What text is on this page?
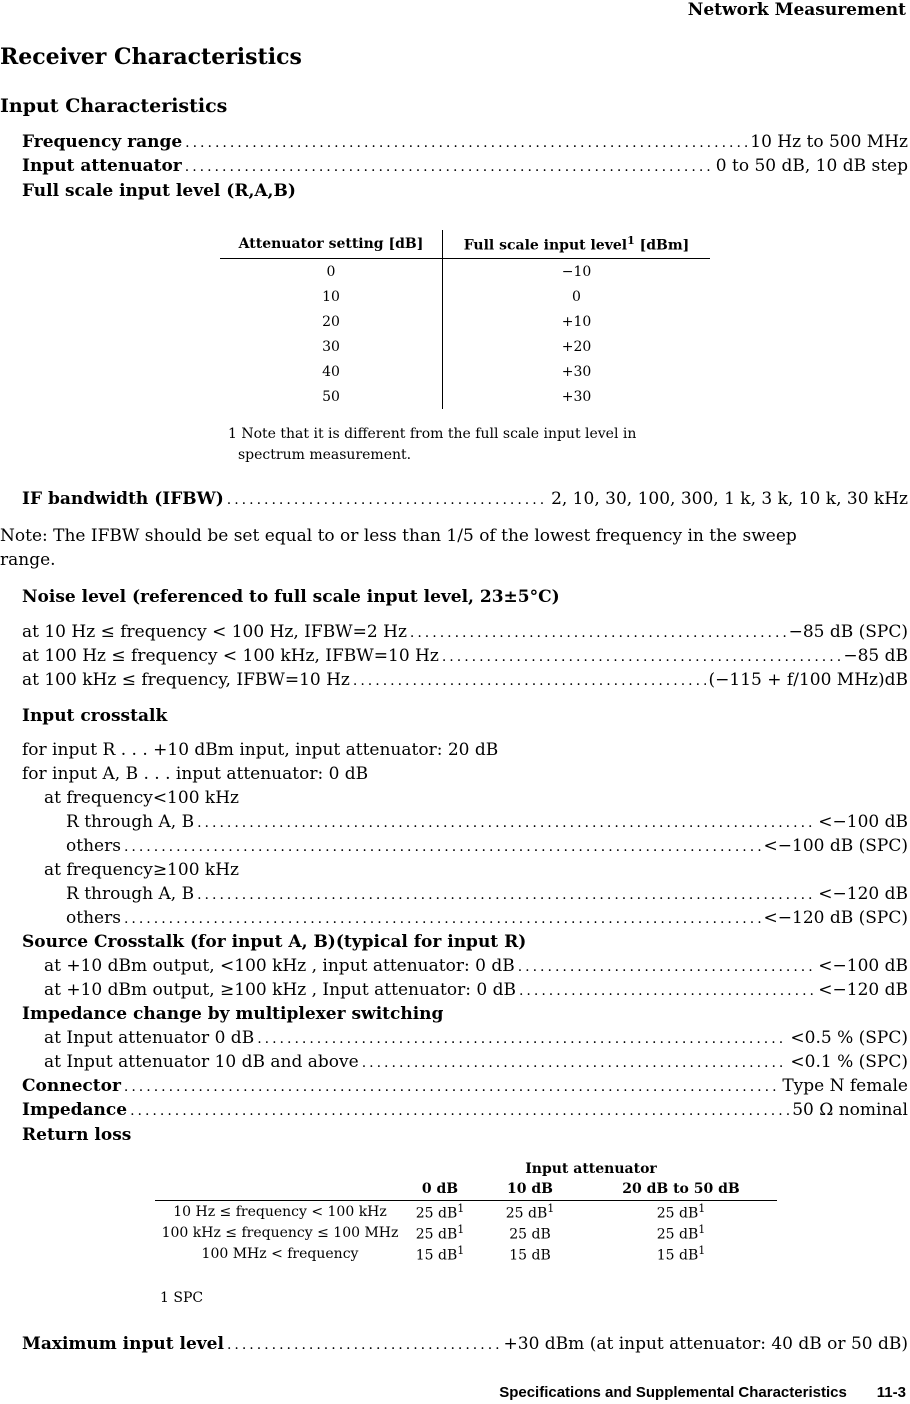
Network Measurement
Receiver Characteristics
Input Characteristics
Frequency range .....	10 Hz to 500 MHz
Input attenuator .....	0 to 50 dB, 10 dB step
Full scale input level (R,A,B)
Attenuator setting [dB]	Full scale input level$^1$ [dBm]
0	−10
10	0
20	+10
30	+20
40	+30
50	+30
1 Note that it is different from the full scale input level in
spectrum measurement.
IF bandwidth (IFBW) .....	2, 10, 30, 100, 300, 1 k, 3 k, 10 k, 30 kHz
Note: The IFBW should be set equal to or less than 1/5 of the lowest frequency in the sweep
range.
Noise level (referenced to full scale input level, 23±5°C)
at 10 Hz ≤ frequency < 100 Hz, IFBW=2 Hz .....	−85 dB (SPC)
at 100 Hz ≤ frequency < 100 kHz, IFBW=10 Hz .....	−85 dB
at 100 kHz ≤ frequency, IFBW=10 Hz .....	(−115 + f/100 MHz)dB
Input crosstalk
for input R . . . +10 dBm input, input attenuator: 20 dB
for input A, B . . . input attenuator: 0 dB
at frequency<100 kHz
R through A, B .....	<−100 dB
others .....	<−100 dB (SPC)
at frequency≥100 kHz
R through A, B .....	<−120 dB
others .....	<−120 dB (SPC)
Source Crosstalk (for input A, B)(typical for input R)
at +10 dBm output, <100 kHz , input attenuator: 0 dB .....	<−100 dB
at +10 dBm output, ≥100 kHz , Input attenuator: 0 dB .....	<−120 dB
Impedance change by multiplexer switching
at Input attenuator 0 dB .....	<0.5 % (SPC)
at Input attenuator 10 dB and above .....	<0.1 % (SPC)
Connector .....	Type N female
Impedance .....	50 Ω nominal
Return loss
	Input attenuator		
	0 dB	10 dB	20 dB to 50 dB
10 Hz ≤ frequency < 100 kHz	25 $dB^1$	25 $dB^1$	25 $dB^1$
100 kHz ≤ frequency ≤ 100 MHz	25 $dB^1$	25 dB	25 $dB^1$
100 MHz < frequency	15 $dB^1$	15 dB	15 $dB^1$
1 SPC
Maximum input level .....	+30 dBm (at input attenuator: 40 dB or 50 dB)
Specifications and Supplemental Characteristics 11-3
